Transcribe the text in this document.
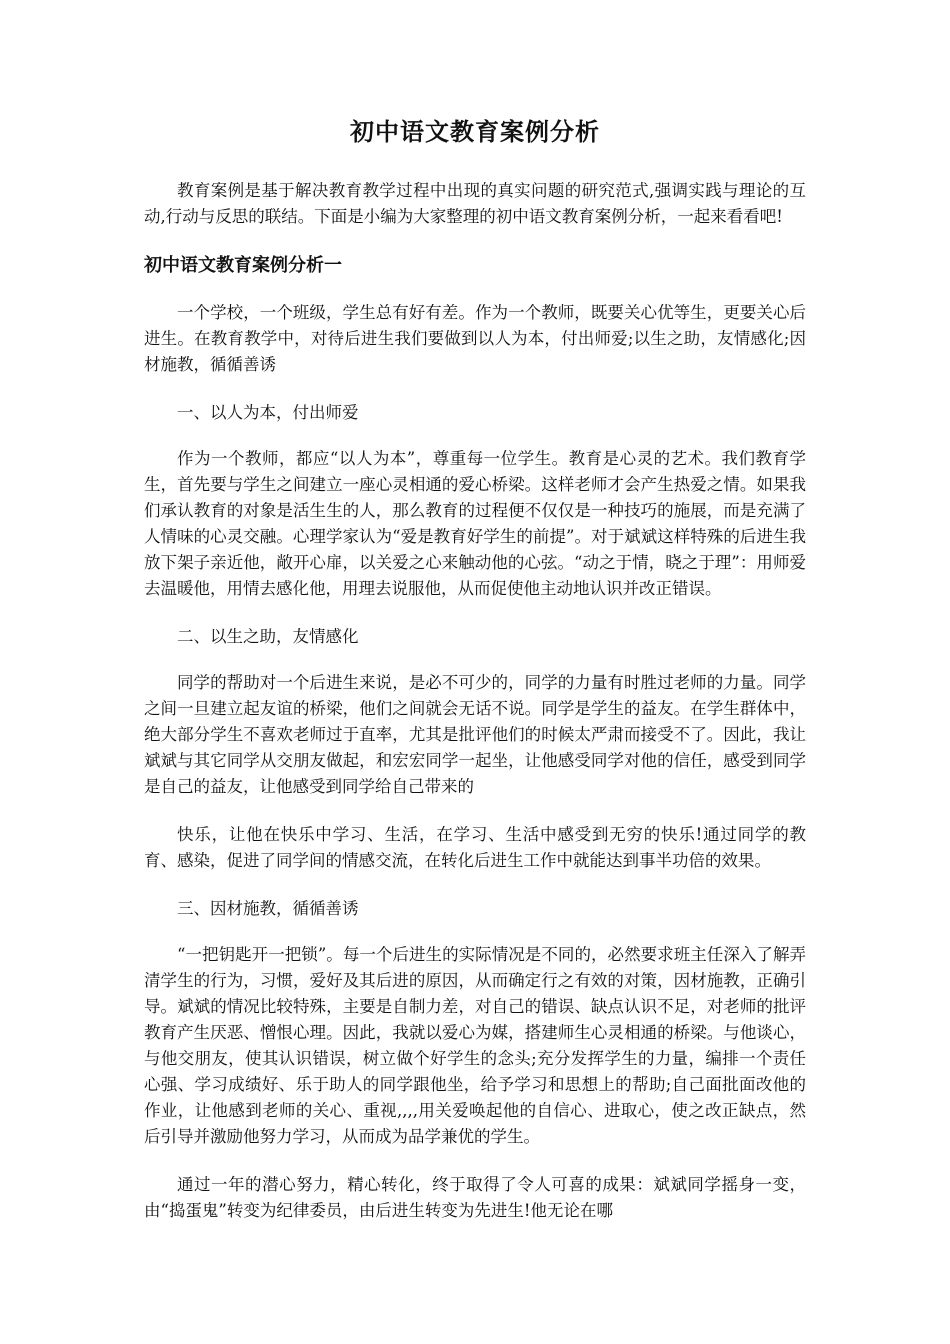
初中语文教育案例分析

教育案例是基于解决教育教学过程中出现的真实问题的研究范式,强调实践与理论的互动,行动与反思的联结。下面是小编为大家整理的初中语文教育案例分析，一起来看看吧!

初中语文教育案例分析一

一个学校，一个班级，学生总有好有差。作为一个教师，既要关心优等生，更要关心后进生。在教育教学中，对待后进生我们要做到以人为本，付出师爱;以生之助，友情感化;因材施教，循循善诱

一、以人为本，付出师爱

作为一个教师，都应“以人为本”，尊重每一位学生。教育是心灵的艺术。我们教育学生，首先要与学生之间建立一座心灵相通的爱心桥梁。这样老师才会产生热爱之情。如果我们承认教育的对象是活生生的人，那么教育的过程便不仅仅是一种技巧的施展，而是充满了人情味的心灵交融。心理学家认为“爱是教育好学生的前提”。对于斌斌这样特殊的后进生我放下架子亲近他，敞开心扉，以关爱之心来触动他的心弦。“动之于情，晓之于理”：用师爱去温暖他，用情去感化他，用理去说服他，从而促使他主动地认识并改正错误。

二、以生之助，友情感化

同学的帮助对一个后进生来说，是必不可少的，同学的力量有时胜过老师的力量。同学之间一旦建立起友谊的桥梁，他们之间就会无话不说。同学是学生的益友。在学生群体中，绝大部分学生不喜欢老师过于直率，尤其是批评他们的时候太严肃而接受不了。因此，我让斌斌与其它同学从交朋友做起，和宏宏同学一起坐，让他感受同学对他的信任，感受到同学是自己的益友，让他感受到同学给自己带来的

快乐，让他在快乐中学习、生活，在学习、生活中感受到无穷的快乐!通过同学的教育、感染，促进了同学间的情感交流，在转化后进生工作中就能达到事半功倍的效果。

三、因材施教，循循善诱

“一把钥匙开一把锁”。每一个后进生的实际情况是不同的，必然要求班主任深入了解弄清学生的行为，习惯，爱好及其后进的原因，从而确定行之有效的对策，因材施教，正确引导。斌斌的情况比较特殊，主要是自制力差，对自己的错误、缺点认识不足，对老师的批评教育产生厌恶、憎恨心理。因此，我就以爱心为媒，搭建师生心灵相通的桥梁。与他谈心，与他交朋友，使其认识错误，树立做个好学生的念头;充分发挥学生的力量，编排一个责任心强、学习成绩好、乐于助人的同学跟他坐，给予学习和思想上的帮助;自己面批面改他的作业，让他感到老师的关心、重视,,,,用关爱唤起他的自信心、进取心，使之改正缺点，然后引导并激励他努力学习，从而成为品学兼优的学生。

通过一年的潜心努力，精心转化，终于取得了令人可喜的成果：斌斌同学摇身一变，由“捣蛋鬼”转变为纪律委员，由后进生转变为先进生!他无论在哪
